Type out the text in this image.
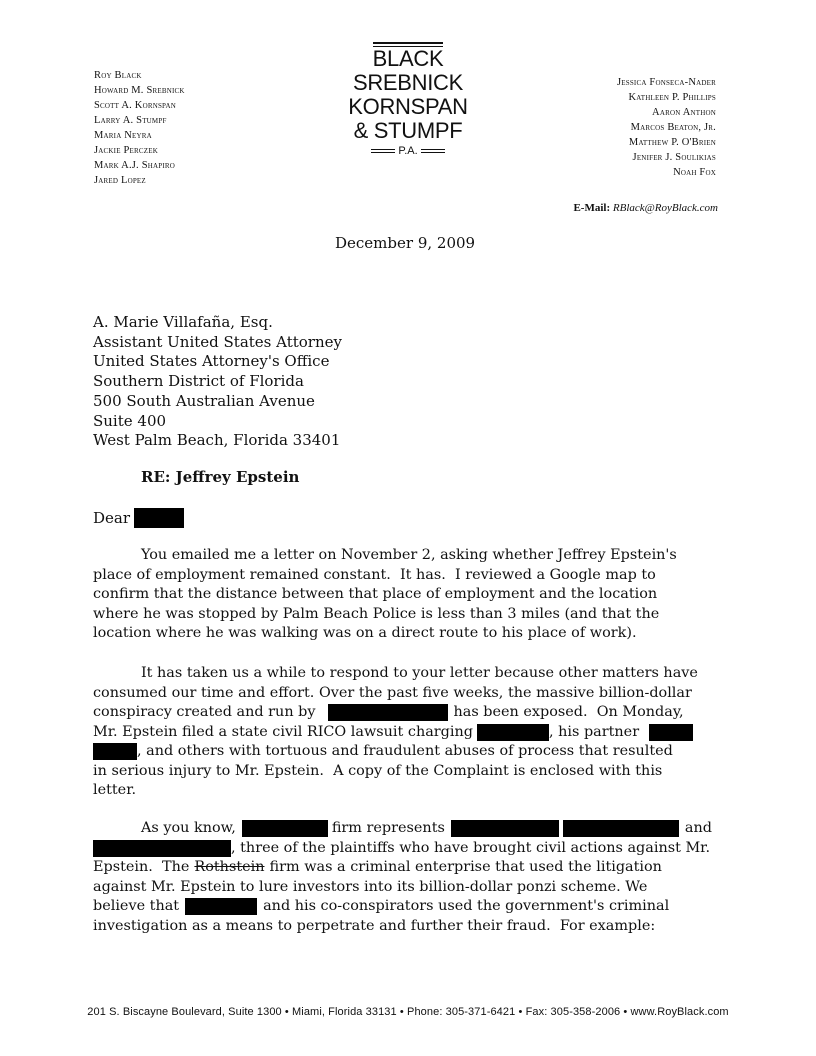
Roy Black
Howard M. Srebnick
Scott A. Kornspan
Larry A. Stumpf
Maria Neyra
Jackie Perczek
Mark A.J. Shapiro
Jared Lopez
BLACK
SREBNICK
KORNSPAN
& STUMPF
P.A.
Jessica Fonseca-Nader
Kathleen P. Phillips
Aaron Anthon
Marcos Beaton, Jr.
Matthew P. O'Brien
Jenifer J. Soulikias
Noah Fox
E-Mail: RBlack@RoyBlack.com
December 9, 2009
A. Marie Villafaña, Esq.
Assistant United States Attorney
United States Attorney's Office
Southern District of Florida
500 South Australian Avenue
Suite 400
West Palm Beach, Florida 33401
RE: Jeffrey Epstein
Dear
You emailed me a letter on November 2, asking whether Jeffrey Epstein's
place of employment remained constant.  It has.  I reviewed a Google map to
confirm that the distance between that place of employment and the location
where he was stopped by Palm Beach Police is less than 3 miles (and that the
location where he was walking was on a direct route to his place of work).
It has taken us a while to respond to your letter because other matters have
consumed our time and effort. Over the past five weeks, the massive billion-dollar
conspiracy created and run by	has been exposed.  On Monday,
Mr. Epstein filed a state civil RICO lawsuit charging	, his partner
, and others with tortuous and fraudulent abuses of process that resulted
in serious injury to Mr. Epstein.  A copy of the Complaint is enclosed with this
letter.
As you know,	firm represents	and
, three of the plaintiffs who have brought civil actions against Mr.
Epstein.  The Rothstein firm was a criminal enterprise that used the litigation
against Mr. Epstein to lure investors into its billion-dollar ponzi scheme. We
believe that	and his co-conspirators used the government's criminal
investigation as a means to perpetrate and further their fraud.  For example:
201 S. Biscayne Boulevard, Suite 1300 • Miami, Florida 33131 • Phone: 305-371-6421 • Fax: 305-358-2006 • www.RoyBlack.com
